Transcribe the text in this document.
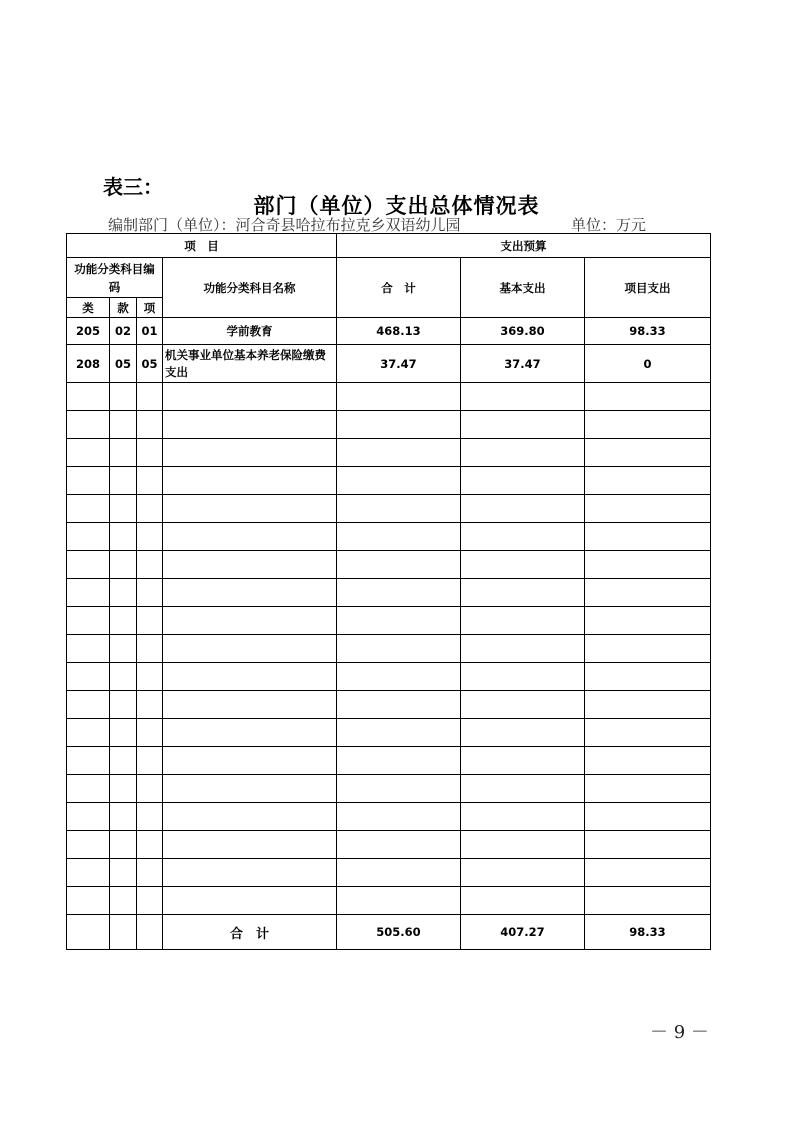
表三：
部门（单位）支出总体情况表
编制部门（单位）：河合奇县哈拉布拉克乡双语幼儿园	单位：万元
项　目				支出预算		
功能分类科目编码			功能分类科目名称	合　计	基本支出	项目支出
类	款	项				
205	02	01	学前教育	468.13	369.80	98.33
208	05	05	机关事业单位基本养老保险缴费支出	37.47	37.47	0

			合　计	505.60	407.27	98.33
－ 9 －
